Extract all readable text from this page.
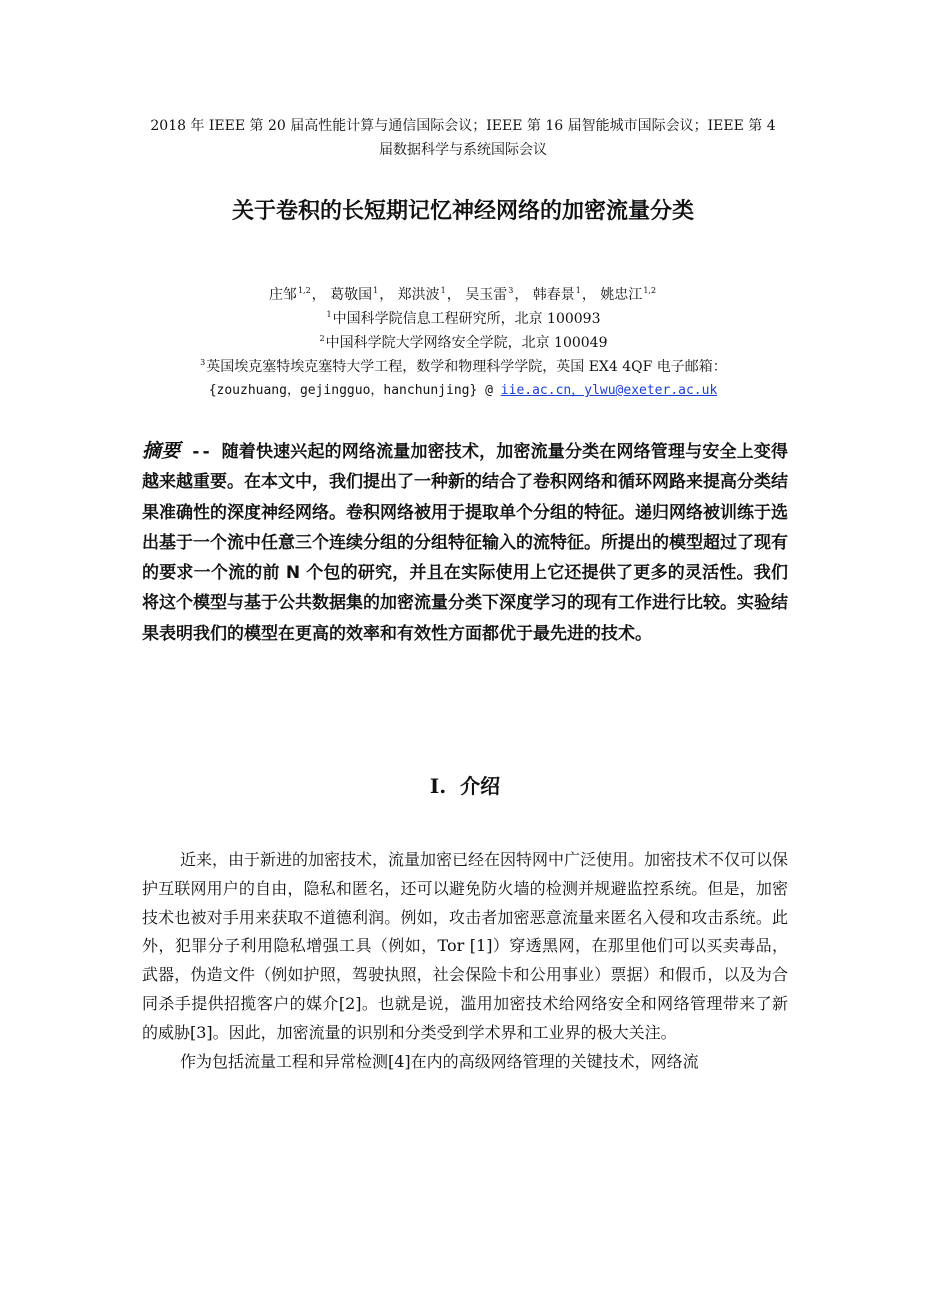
2018 年 IEEE 第 20 届高性能计算与通信国际会议；IEEE 第 16 届智能城市国际会议；IEEE 第 4
届数据科学与系统国际会议
关于卷积的长短期记忆神经网络的加密流量分类
庄邹$^{1,2}$， 葛敬国$^1$， 郑洪波$^1$， 吴玉雷$^3$， 韩春景$^1$， 姚忠江$^{1,2}$
$^1$中国科学院信息工程研究所，北京 100093
$^2$中国科学院大学网络安全学院，北京 100049
$^3$英国埃克塞特埃克塞特大学工程，数学和物理科学学院，英国 EX4 4QF 电子邮箱：
{zouzhuang，gejingguo，hanchunjing} @ iie.ac.cn，ylwu@exeter.ac.uk
摘要 -- 随着快速兴起的网络流量加密技术，加密流量分类在网络管理与安全上变得越来越重要。在本文中，我们提出了一种新的结合了卷积网络和循环网路来提高分类结果准确性的深度神经网络。卷积网络被用于提取单个分组的特征。递归网络被训练于选出基于一个流中任意三个连续分组的分组特征输入的流特征。所提出的模型超过了现有的要求一个流的前 N 个包的研究，并且在实际使用上它还提供了更多的灵活性。我们将这个模型与基于公共数据集的加密流量分类下深度学习的现有工作进行比较。实验结果表明我们的模型在更高的效率和有效性方面都优于最先进的技术。
I. 介绍

近来，由于新进的加密技术，流量加密已经在因特网中广泛使用。加密技术不仅可以保护互联网用户的自由，隐私和匿名，还可以避免防火墙的检测并规避监控系统。但是，加密技术也被对手用来获取不道德利润。例如，攻击者加密恶意流量来匿名入侵和攻击系统。此外，犯罪分子利用隐私增强工具（例如，Tor [1]）穿透黑网，在那里他们可以买卖毒品，武器，伪造文件（例如护照，驾驶执照，社会保险卡和公用事业）票据）和假币，以及为合同杀手提供招揽客户的媒介[2]。也就是说，滥用加密技术给网络安全和网络管理带来了新的威胁[3]。因此，加密流量的识别和分类受到学术界和工业界的极大关注。

作为包括流量工程和异常检测[4]在内的高级网络管理的关键技术，网络流
